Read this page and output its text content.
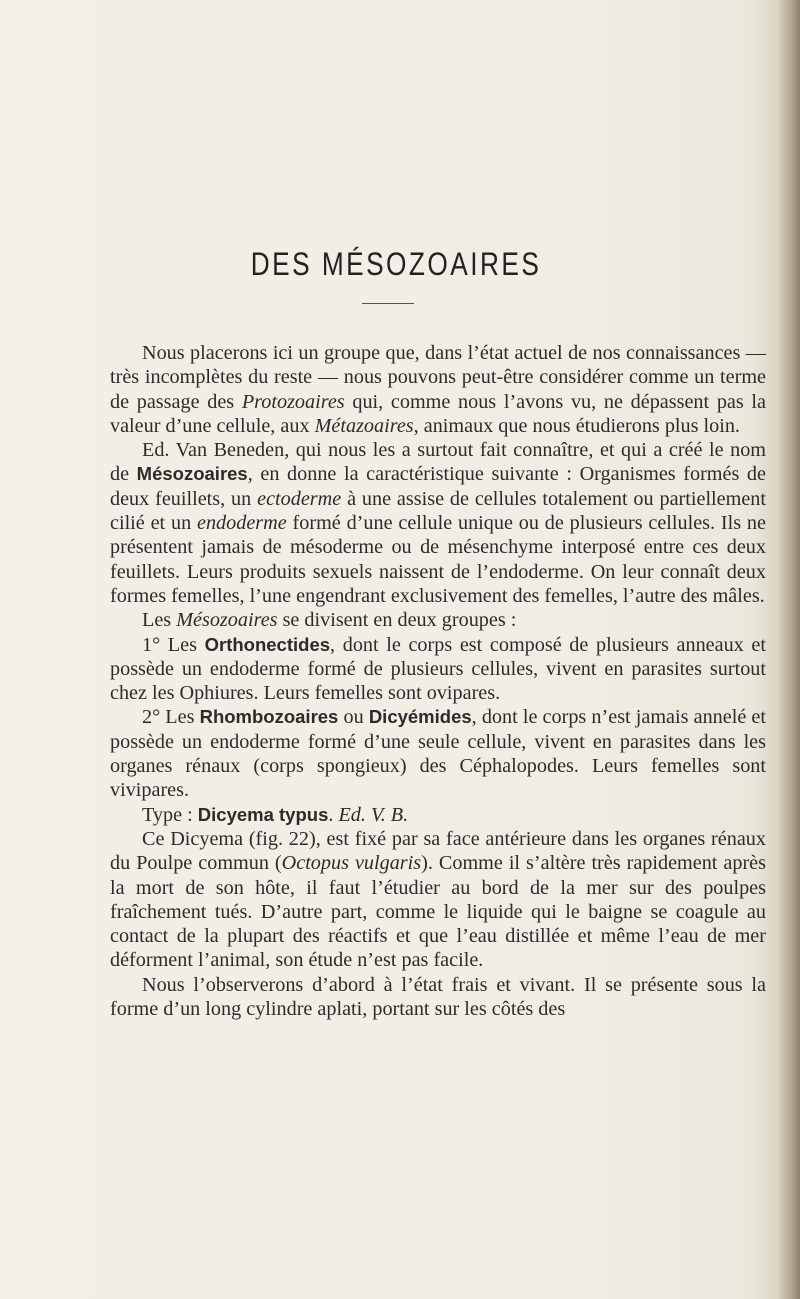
DES MÉSOZOAIRES

Nous placerons ici un groupe que, dans l’état actuel de nos connaissances — très incomplètes du reste — nous pouvons peut-être considérer comme un terme de passage des Protozoaires qui, comme nous l’avons vu, ne dépassent pas la valeur d’une cellule, aux Métazoaires, animaux que nous étudierons plus loin.

Ed. Van Beneden, qui nous les a surtout fait connaître, et qui a créé le nom de Mésozoaires, en donne la caractéristique suivante : Organismes formés de deux feuillets, un ectoderme à une assise de cellules totalement ou partiellement cilié et un endoderme formé d’une cellule unique ou de plusieurs cellules. Ils ne présentent jamais de mésoderme ou de mésenchyme interposé entre ces deux feuillets. Leurs produits sexuels naissent de l’endoderme. On leur connaît deux formes femelles, l’une engendrant exclusivement des femelles, l’autre des mâles.

Les Mésozoaires se divisent en deux groupes :

1° Les Orthonectides, dont le corps est composé de plusieurs anneaux et possède un endoderme formé de plusieurs cellules, vivent en parasites surtout chez les Ophiures. Leurs femelles sont ovipares.

2° Les Rhombozoaires ou Dicyémides, dont le corps n’est jamais annelé et possède un endoderme formé d’une seule cellule, vivent en parasites dans les organes rénaux (corps spongieux) des Céphalopodes. Leurs femelles sont vivipares.

Type : Dicyema typus. Ed. V. B.

Ce Dicyema (fig. 22), est fixé par sa face antérieure dans les organes rénaux du Poulpe commun (Octopus vulgaris). Comme il s’altère très rapidement après la mort de son hôte, il faut l’étudier au bord de la mer sur des poulpes fraîchement tués. D’autre part, comme le liquide qui le baigne se coagule au contact de la plupart des réactifs et que l’eau distillée et même l’eau de mer déforment l’animal, son étude n’est pas facile.

Nous l’observerons d’abord à l’état frais et vivant. Il se présente sous la forme d’un long cylindre aplati, portant sur les côtés des
